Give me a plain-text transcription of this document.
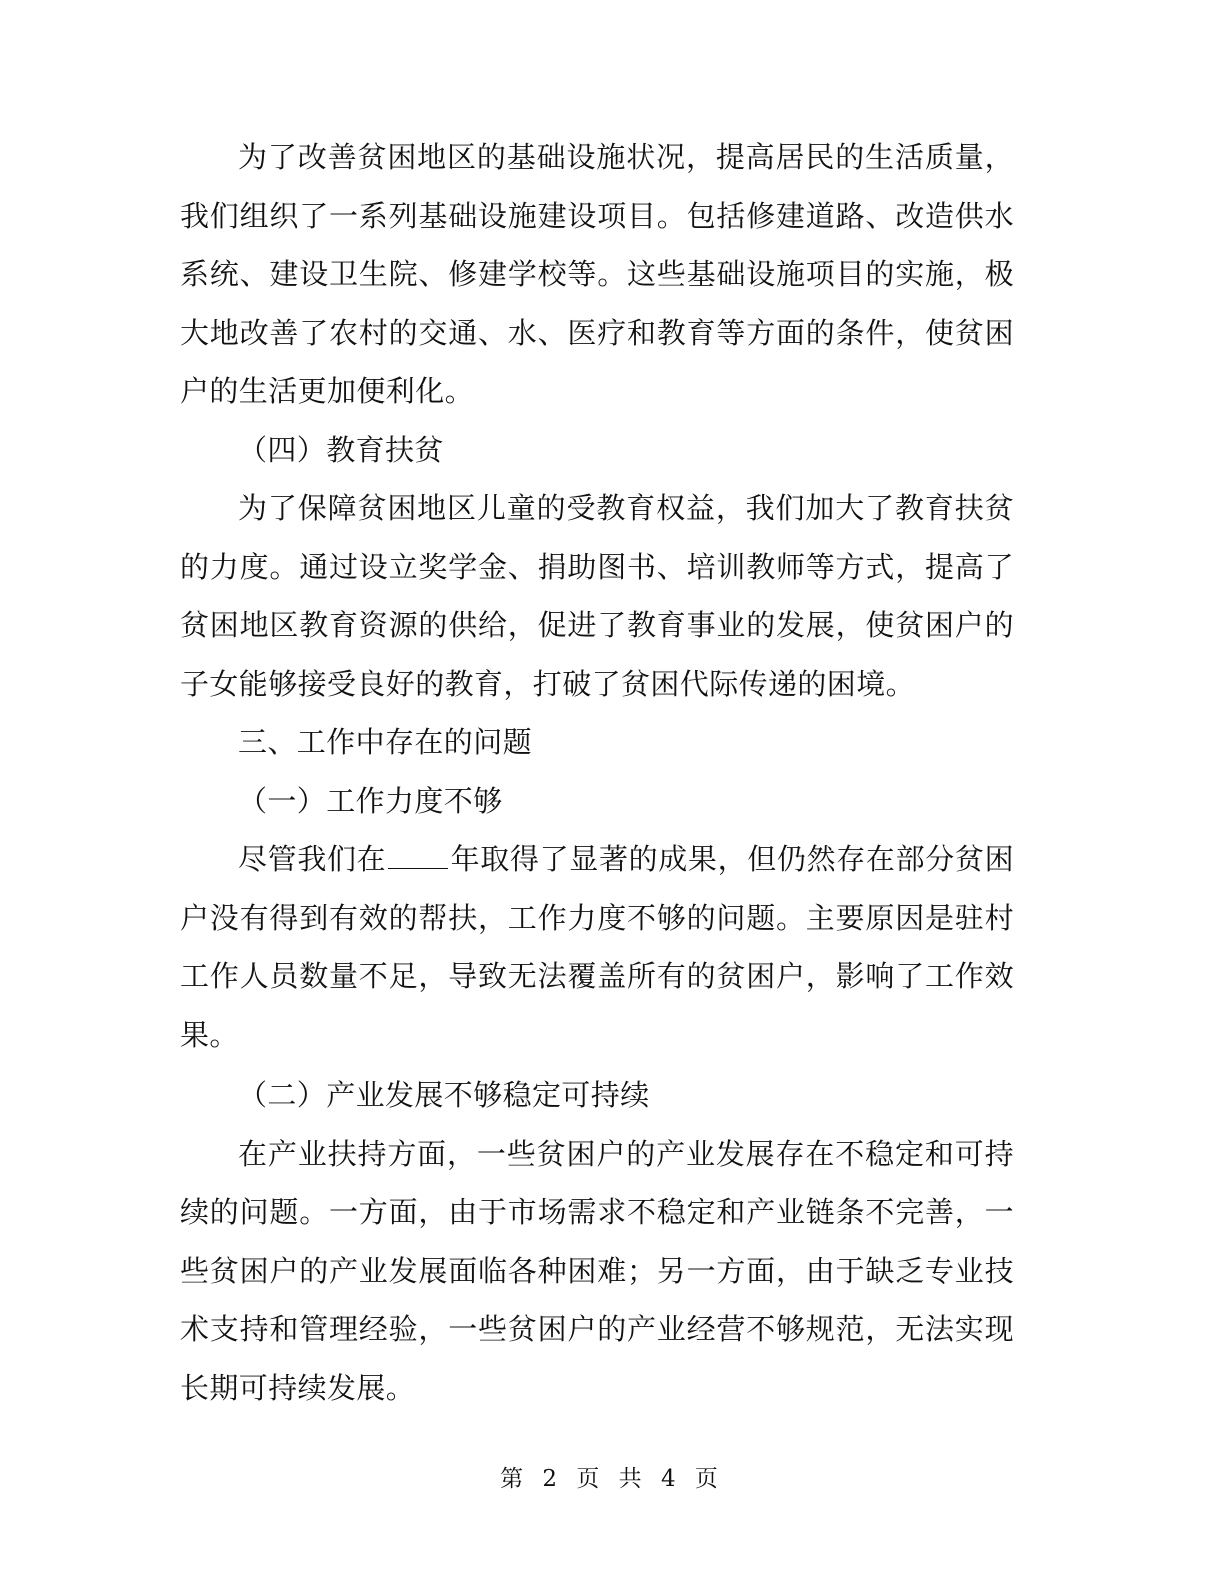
为了改善贫困地区的基础设施状况，提高居民的生活质量，我们组织了一系列基础设施建设项目。包括修建道路、改造供水系统、建设卫生院、修建学校等。这些基础设施项目的实施，极大地改善了农村的交通、水、医疗和教育等方面的条件，使贫困户的生活更加便利化。

（四）教育扶贫

为了保障贫困地区儿童的受教育权益，我们加大了教育扶贫的力度。通过设立奖学金、捐助图书、培训教师等方式，提高了贫困地区教育资源的供给，促进了教育事业的发展，使贫困户的子女能够接受良好的教育，打破了贫困代际传递的困境。

三、工作中存在的问题

（一）工作力度不够

尽管我们在 年取得了显著的成果，但仍然存在部分贫困户没有得到有效的帮扶，工作力度不够的问题。主要原因是驻村工作人员数量不足，导致无法覆盖所有的贫困户，影响了工作效果。

（二）产业发展不够稳定可持续

在产业扶持方面，一些贫困户的产业发展存在不稳定和可持续的问题。一方面，由于市场需求不稳定和产业链条不完善，一些贫困户的产业发展面临各种困难；另一方面，由于缺乏专业技术支持和管理经验，一些贫困户的产业经营不够规范，无法实现长期可持续发展。

第 2 页 共 4 页
